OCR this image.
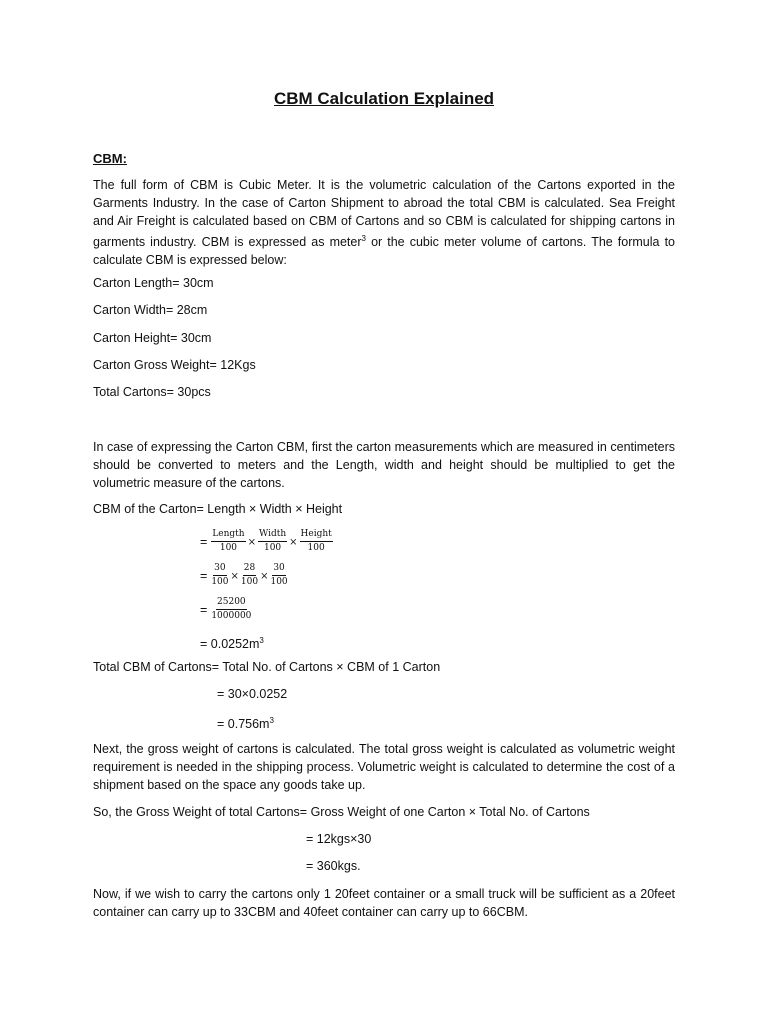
CBM Calculation Explained
CBM:
The full form of CBM is Cubic Meter. It is the volumetric calculation of the Cartons exported in the Garments Industry. In the case of Carton Shipment to abroad the total CBM is calculated. Sea Freight and Air Freight is calculated based on CBM of Cartons and so CBM is calculated for shipping cartons in garments industry. CBM is expressed as meter$^3$ or the cubic meter volume of cartons. The formula to calculate CBM is expressed below:
Carton Length= 30cm
Carton Width= 28cm
Carton Height= 30cm
Carton Gross Weight= 12Kgs
Total Cartons= 30pcs
In case of expressing the Carton CBM, first the carton measurements which are measured in centimeters should be converted to meters and the Length, width and height should be multiplied to get the volumetric measure of the cartons.
CBM of the Carton= Length × Width × Height
= $\frac{\text{Length}}{100} \times \frac{\text{Width}}{100} \times \frac{\text{Height}}{100}$
= $\frac{30}{100} \times \frac{28}{100} \times \frac{30}{100}$
= $\frac{25200}{1000000}$
= $0.0252m^3$
Total CBM of Cartons= Total No. of Cartons × CBM of 1 Carton
= 30×0.0252
= $0.756m^3$
Next, the gross weight of cartons is calculated. The total gross weight is calculated as volumetric weight requirement is needed in the shipping process. Volumetric weight is calculated to determine the cost of a shipment based on the space any goods take up.
So, the Gross Weight of total Cartons= Gross Weight of one Carton × Total No. of Cartons
= 12kgs×30
= 360kgs.
Now, if we wish to carry the cartons only 1 20feet container or a small truck will be sufficient as a 20feet container can carry up to 33CBM and 40feet container can carry up to 66CBM.
